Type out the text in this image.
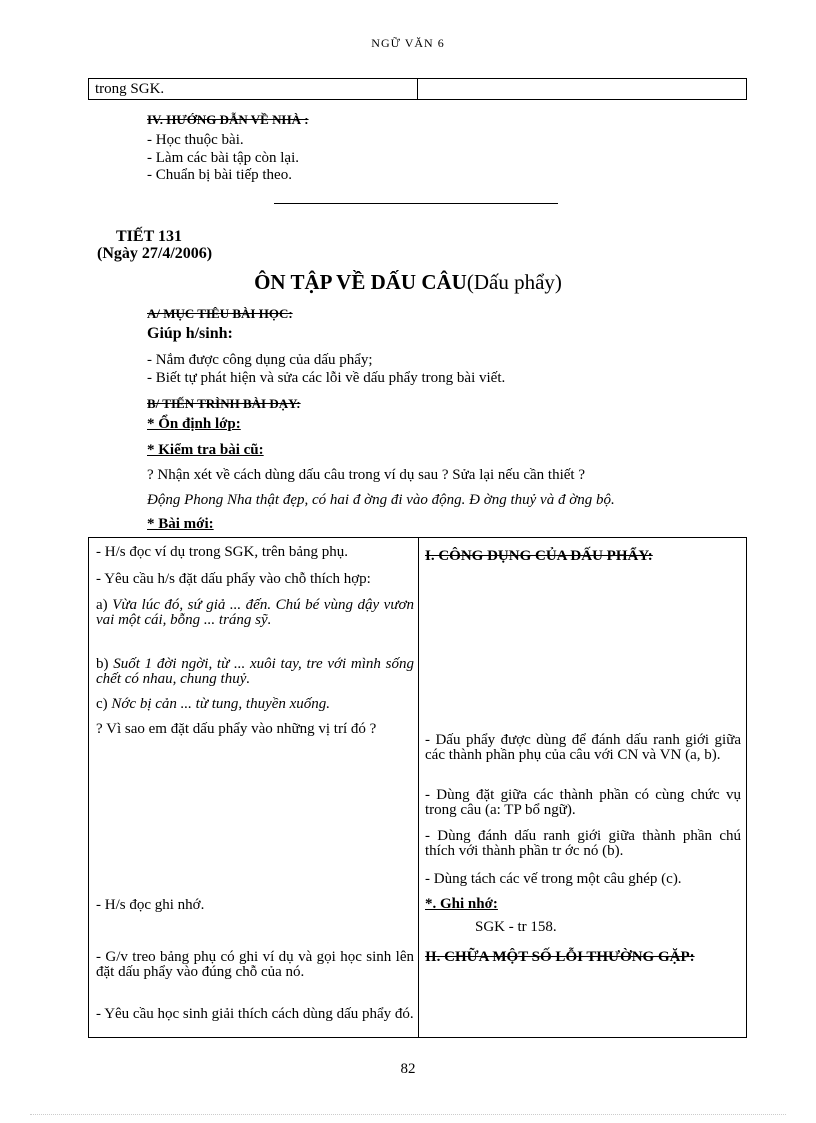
NGỮ VĂN 6
trong SGK.	
IV. HƯỚNG DẪN VỀ NHÀ :
- Học thuộc bài.
- Làm các bài tập còn lại.
- Chuẩn bị bài tiếp theo.
TIẾT 131
(Ngày 27/4/2006)
ÔN TẬP VỀ DẤU CÂU(Dấu phẩy)
A/ MỤC TIÊU BÀI HỌC:
Giúp h/sinh:
- Nắm được công dụng của dấu phẩy;
- Biết tự phát hiện và sửa các lỗi về dấu phẩy trong bài viết.
B/ TIẾN TRÌNH BÀI DẠY:
* Ổn định lớp:
* Kiểm tra bài cũ:
? Nhận xét về cách dùng dấu câu trong ví dụ sau ? Sửa lại nếu cần thiết ?
Động Phong Nha thật đẹp, có hai đ ờng đi vào động. Đ ờng thuỷ và đ ờng bộ.
* Bài mới:
- H/s đọc ví dụ trong SGK, trên bảng phụ.
- Yêu cầu h/s đặt dấu phẩy vào chỗ thích hợp:
a) Vừa lúc đó, sứ giả ... đến. Chú bé vùng dậy vươn vai một cái, bỗng ... tráng sỹ.
b) Suốt 1 đời ngời, từ ... xuôi tay, tre với mình sống chết có nhau, chung thuỷ.
c) Nớc bị cản ... từ tung, thuyền xuống.
? Vì sao em đặt dấu phẩy vào những vị trí đó ?
- H/s đọc ghi nhớ.
- G/v treo bảng phụ có ghi ví dụ và gọi học sinh lên đặt dấu phẩy vào đúng chỗ của nó.
- Yêu cầu học sinh giải thích cách dùng dấu phẩy đó.
I. CÔNG DỤNG CỦA DẤU PHẨY:
- Dấu phẩy được dùng để đánh dấu ranh giới giữa các thành phần phụ của câu với CN và VN (a, b).
- Dùng đặt giữa các thành phần có cùng chức vụ trong câu (a: TP bổ ngữ).
- Dùng đánh dấu ranh giới giữa thành phần chú thích với thành phần tr ớc nó (b).
- Dùng tách các vế trong một câu ghép (c).
*. Ghi nhớ:
SGK - tr 158.
II. CHỮA MỘT SỐ LỖI THƯỜNG GẶP:
82
